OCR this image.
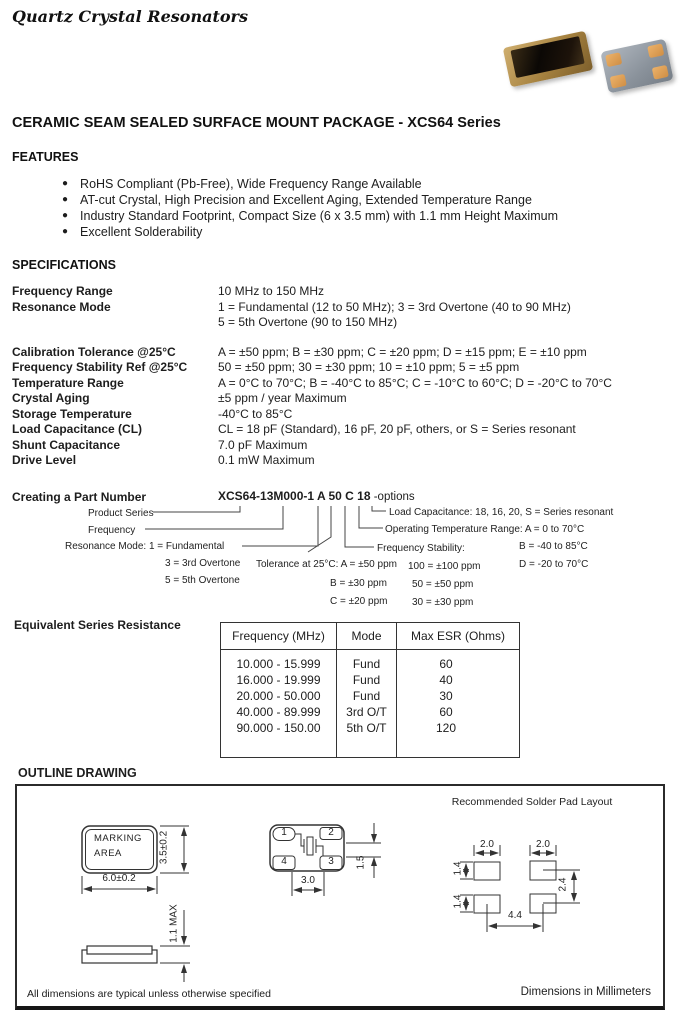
Quartz Crystal Resonators
CERAMIC SEAM SEALED SURFACE MOUNT PACKAGE - XCS64 Series
FEATURES
● RoHS Compliant (Pb-Free), Wide Frequency Range Available
● AT-cut Crystal, High Precision and Excellent Aging, Extended Temperature Range
● Industry Standard Footprint, Compact Size (6 x 3.5 mm) with 1.1 mm Height Maximum
● Excellent Solderability
SPECIFICATIONS
Frequency Range	10 MHz to 150 MHz
Resonance Mode	1 = Fundamental (12 to 50 MHz); 3 = 3rd Overtone (40 to 90 MHz)
5 = 5th Overtone (90 to 150 MHz)
Calibration Tolerance @25°C	A = ±50 ppm; B = ±30 ppm; C = ±20 ppm; D = ±15 ppm; E = ±10 ppm
Frequency Stability Ref @25°C	50 = ±50 ppm; 30 = ±30 ppm; 10 = ±10 ppm; 5 = ±5 ppm
Temperature Range	A = 0°C to 70°C; B = -40°C to 85°C; C = -10°C to 60°C; D = -20°C to 70°C
Crystal Aging	±5 ppm / year Maximum
Storage Temperature	-40°C to 85°C
Load Capacitance (CL)	CL = 18 pF (Standard), 16 pF, 20 pF, others, or S = Series resonant
Shunt Capacitance	7.0 pF Maximum
Drive Level	0.1 mW Maximum
Creating a Part Number	XCS64-13M000-1 A 50 C 18 -options
Product Series
Frequency
Resonance Mode: 1 = Fundamental
3 = 3rd Overtone
5 = 5th Overtone
Tolerance at 25°C: A = ±50 ppm
B = ±30 ppm
C = ±20 ppm
Frequency Stability:
100 = ±100 ppm
50 = ±50 ppm
30 = ±30 ppm
Load Capacitance: 18, 16, 20, S = Series resonant
Operating Temperature Range: A = 0 to 70°C
B = -40 to 85°C
D = -20 to 70°C
Equivalent Series Resistance
Frequency (MHz)	Mode	Max ESR (Ohms)
10.000 - 15.999	Fund	60
16.000 - 19.999	Fund	40
20.000 - 50.000	Fund	30
40.000 - 89.999	3rd O/T	60
90.000 - 150.00	5th O/T	120
OUTLINE DRAWING
MARKING
AREA	3.5±0.2
6.0±0.2
1.1 MAX
1	2
4	3
3.0
1.5
Recommended Solder Pad Layout
2.0	2.0
1.4
1.4
2.4
4.4
All dimensions are typical unless otherwise specified	Dimensions in Millimeters
